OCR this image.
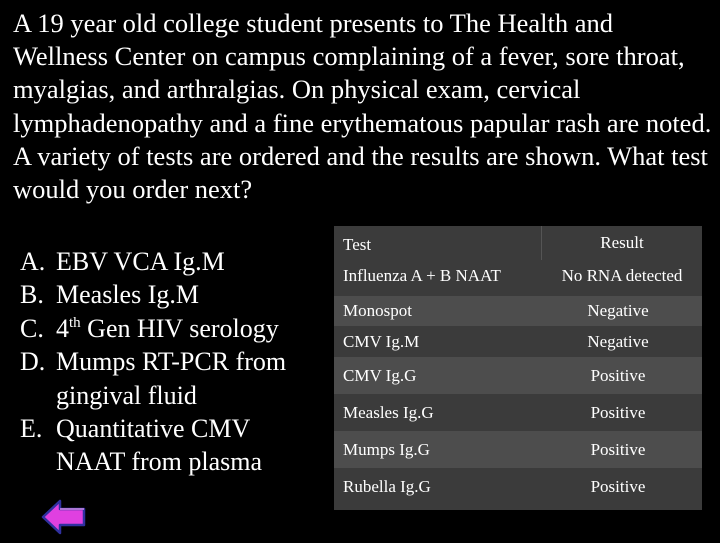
A 19 year old college student presents to The Health and Wellness Center on campus complaining of a fever, sore throat, myalgias, and arthralgias. On physical exam, cervical lymphadenopathy and a fine erythematous papular rash are noted. A variety of tests are ordered and the results are shown. What test would you order next?

A. EBV VCA Ig.M
B. Measles Ig.M
C. 4th Gen HIV serology
D. Mumps RT-PCR from gingival fluid
E. Quantitative CMV NAAT from plasma
Test	Result
Influenza A + B NAAT	No RNA detected
Monospot	Negative
CMV Ig.M	Negative
CMV Ig.G	Positive
Measles Ig.G	Positive
Mumps Ig.G	Positive
Rubella Ig.G	Positive
